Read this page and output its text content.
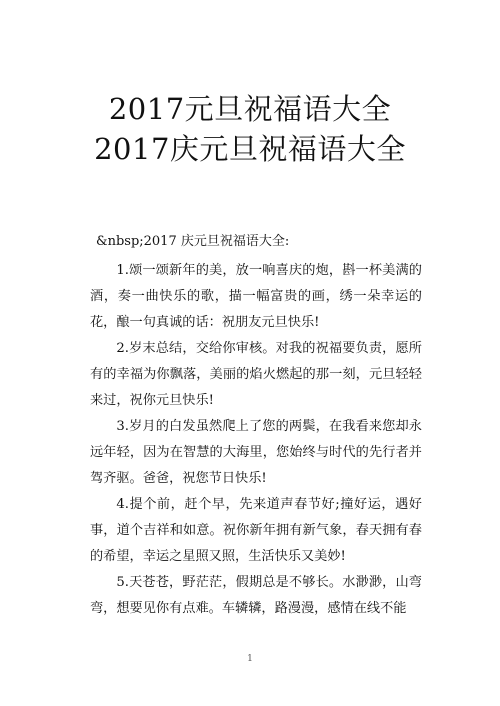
2017元旦祝福语大全
2017庆元旦祝福语大全
&nbsp;2017 庆元旦祝福语大全:

1.颂一颂新年的美，放一响喜庆的炮，斟一杯美满的酒，奏一曲快乐的歌，描一幅富贵的画，绣一朵幸运的花，酿一句真诚的话：祝朋友元旦快乐!

2.岁末总结，交给你审核。对我的祝福要负责，愿所有的幸福为你飘落，美丽的焰火燃起的那一刻，元旦轻轻来过，祝你元旦快乐!

3.岁月的白发虽然爬上了您的两鬓，在我看来您却永远年轻，因为在智慧的大海里，您始终与时代的先行者并驾齐驱。爸爸，祝您节日快乐!

4.提个前，赶个早，先来道声春节好;撞好运，遇好事，道个吉祥和如意。祝你新年拥有新气象，春天拥有春的希望，幸运之星照又照，生活快乐又美妙!

5.天苍苍，野茫茫，假期总是不够长。水渺渺，山弯弯，想要见你有点难。车辚辚，路漫漫，感情在线不能

1
